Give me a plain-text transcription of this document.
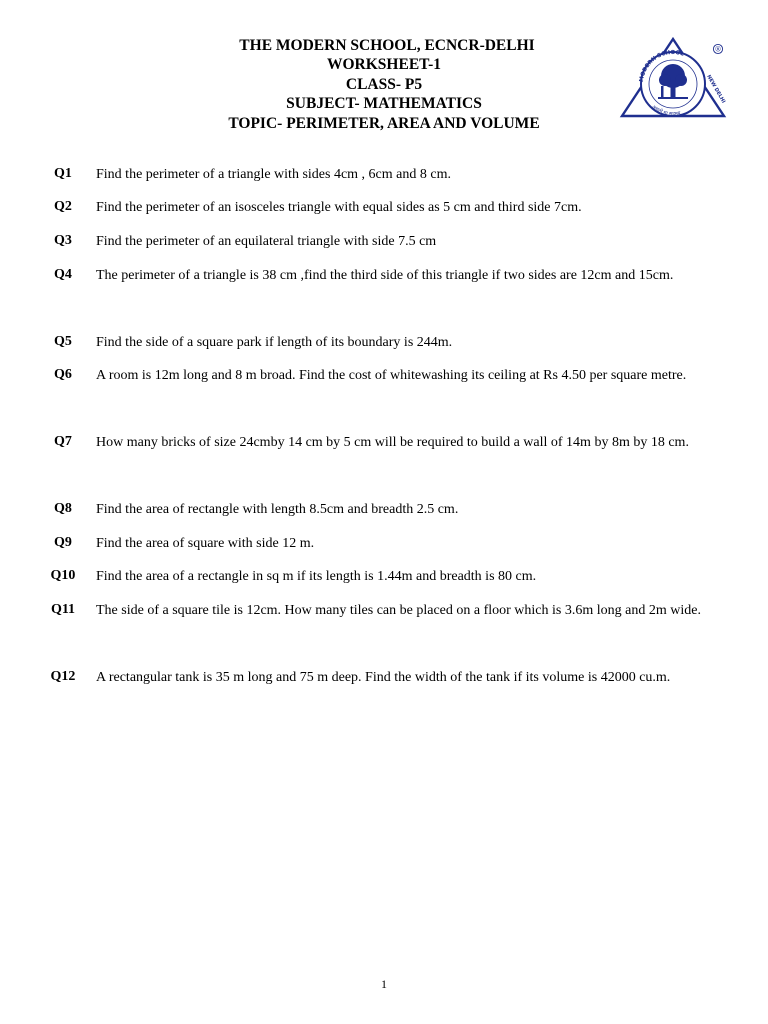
THE MODERN SCHOOL, ECNCR-DELHI
WORKSHEET-1
CLASS- P5
SUBJECT- MATHEMATICS
TOPIC- PERIMETER, AREA AND VOLUME
MODERN SCHOOL
NEW DELHI
असतो मा सद्गमय
®
Q1	Find the perimeter of a triangle with sides 4cm , 6cm and 8 cm.
Q2	Find the perimeter of an isosceles triangle with equal sides as 5 cm and third side 7cm.
Q3	Find the perimeter of an equilateral triangle with side 7.5 cm
Q4	The perimeter of a triangle is 38 cm ,find the third side of this triangle if two sides are 12cm and 15cm.
Q5	Find the side of a square park if length of its boundary is 244m.
Q6	A room is 12m long and 8 m broad. Find the cost of whitewashing its ceiling at Rs 4.50 per square metre.
Q7	How many bricks of size 24cmby 14 cm by 5 cm will be required to build a wall of 14m by 8m by 18 cm.
Q8	Find the area of rectangle with length 8.5cm and breadth 2.5 cm.
Q9	Find the area of square with side 12 m.
Q10	Find the area of a rectangle in sq m if its length is 1.44m and breadth is 80 cm.
Q11	The side of a square tile is 12cm. How many tiles can be placed on a floor which is 3.6m long and 2m wide.
Q12	A rectangular tank is 35 m long and 75 m deep. Find the width of the tank if its volume is 42000 cu.m.
1
